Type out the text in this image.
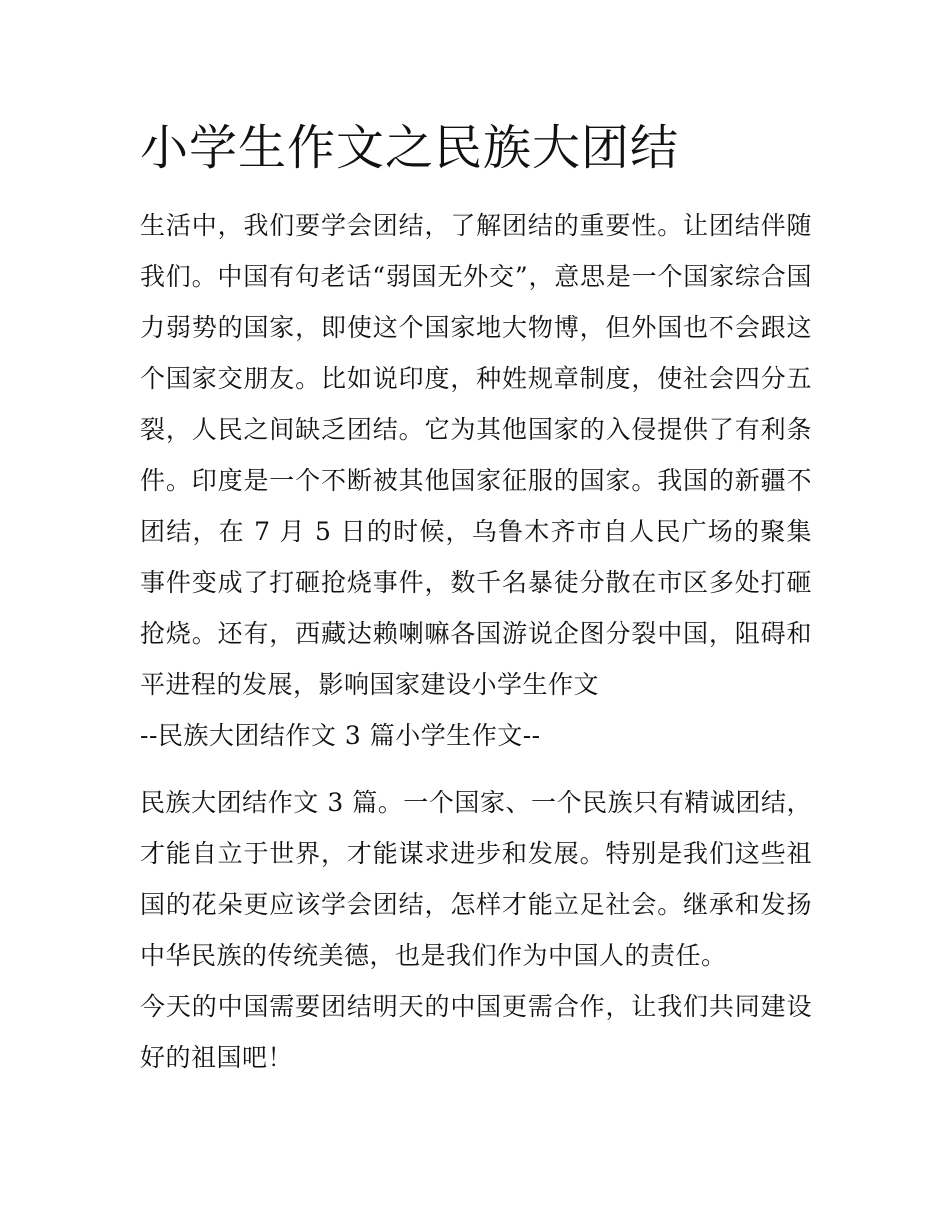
小学生作文之民族大团结

生活中，我们要学会团结，了解团结的重要性。让团结伴随我们。中国有句老话“弱国无外交”，意思是一个国家综合国力弱势的国家，即使这个国家地大物博，但外国也不会跟这个国家交朋友。比如说印度，种姓规章制度，使社会四分五裂，人民之间缺乏团结。它为其他国家的入侵提供了有利条件。印度是一个不断被其他国家征服的国家。我国的新疆不团结，在 7 月 5 日的时候，乌鲁木齐市自人民广场的聚集事件变成了打砸抢烧事件，数千名暴徒分散在市区多处打砸抢烧。还有，西藏达赖喇嘛各国游说企图分裂中国，阻碍和平进程的发展，影响国家建设小学生作文

--民族大团结作文 3 篇小学生作文--

民族大团结作文 3 篇。一个国家、一个民族只有精诚团结，才能自立于世界，才能谋求进步和发展。特别是我们这些祖国的花朵更应该学会团结，怎样才能立足社会。继承和发扬中华民族的传统美德，也是我们作为中国人的责任。

今天的中国需要团结明天的中国更需合作，让我们共同建设好的祖国吧！
